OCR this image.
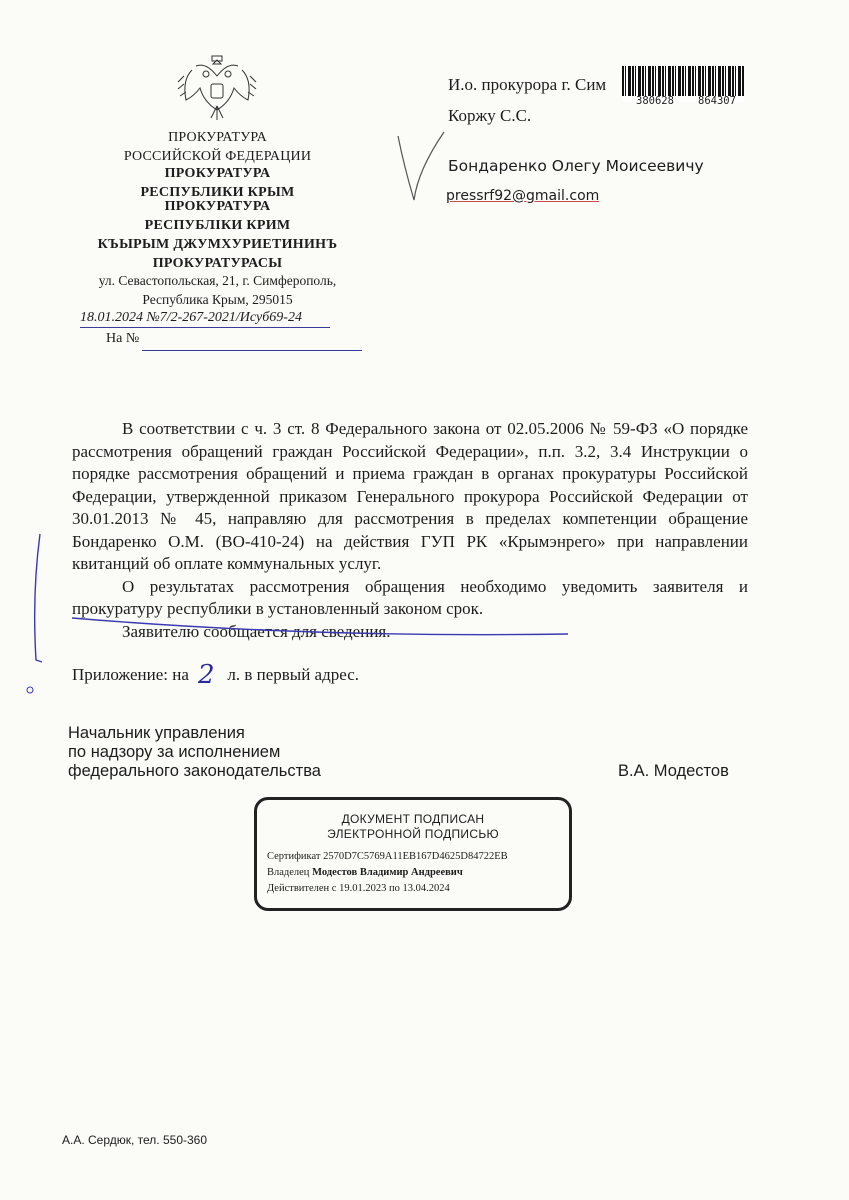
ПРОКУРАТУРА
РОССИЙСКОЙ ФЕДЕРАЦИИ
ПРОКУРАТУРА
РЕСПУБЛИКИ КРЫМ
ПРОКУРАТУРА
РЕСПУБЛІКИ КРИМ
КЪЫРЫМ ДЖУМХУРИЕТИНИНЪ
ПРОКУРАТУРАСЫ
ул. Севастопольская, 21, г. Симферополь,
Республика Крым, 295015
18.01.2024 №7/2-267-2021/Исуб69-24
На №
И.о. прокурора г. Сим
Коржу С.С.
Бондаренко Олегу Моисеевичу
pressrf92@gmail.com
380628 864307

В соответствии с ч. 3 ст. 8 Федерального закона от 02.05.2006 № 59-ФЗ «О порядке рассмотрения обращений граждан Российской Федерации», п.п. 3.2, 3.4 Инструкции о порядке рассмотрения обращений и приема граждан в органах прокуратуры Российской Федерации, утвержденной приказом Генерального прокурора Российской Федерации от 30.01.2013 № 45, направляю для рассмотрения в пределах компетенции обращение Бондаренко О.М. (ВО-410-24) на действия ГУП РК «Крымэнрего» при направлении квитанций об оплате коммунальных услуг.

О результатах рассмотрения обращения необходимо уведомить заявителя и прокуратуру республики в установленный законом срок.

Заявителю сообщается для сведения.

Приложение: на л. в первый адрес.
2
Начальник управления
по надзору за исполнением
федерального законодательства	В.А. Модестов
ДОКУМЕНТ ПОДПИСАН
ЭЛЕКТРОННОЙ ПОДПИСЬЮ
Сертификат 2570D7C5769A11EB167D4625D84722EB
Владелец Модестов Владимир Андреевич
Действителен с 19.01.2023 по 13.04.2024
А.А. Сердюк, тел. 550-360
